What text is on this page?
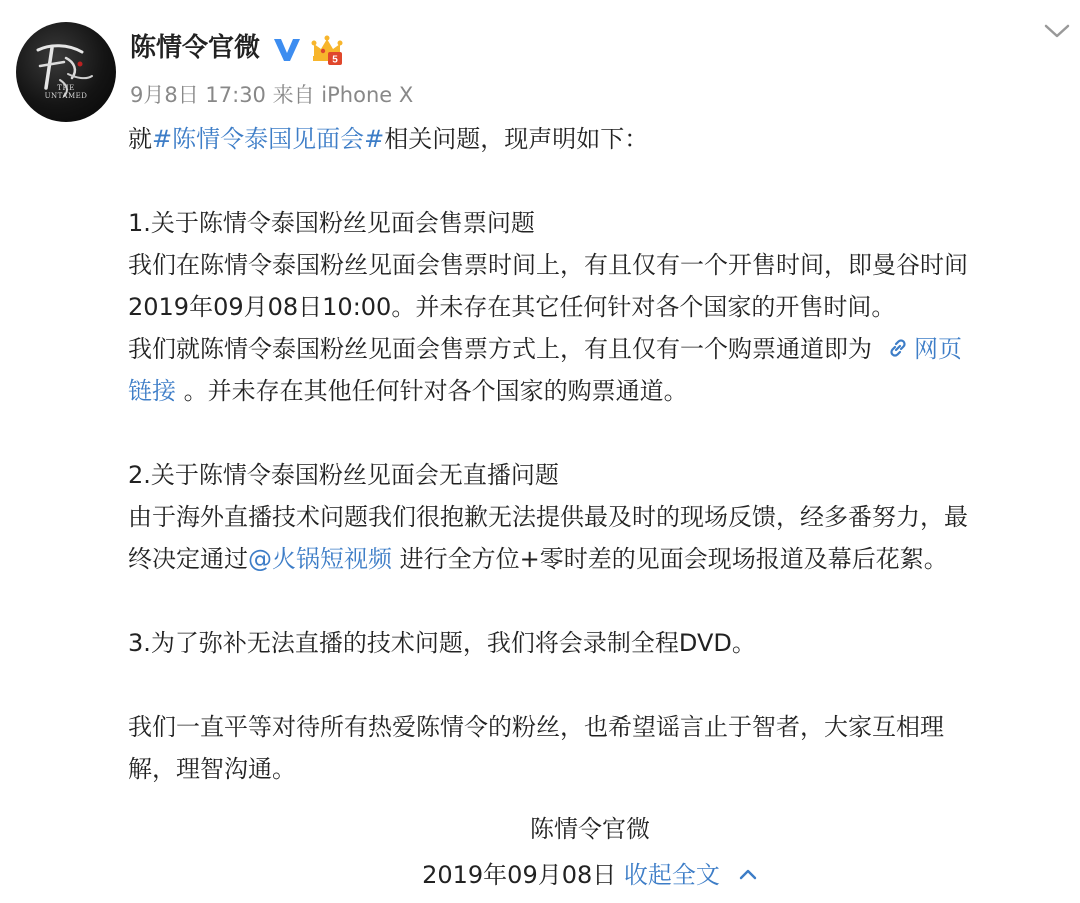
THE
UNTAMED
陈情令官微	5
9月8日 17:30 来自 iPhone X

就#陈情令泰国见面会#相关问题，现声明如下：

1.关于陈情令泰国粉丝见面会售票问题

我们在陈情令泰国粉丝见面会售票时间上，有且仅有一个开售时间，即曼谷时间

2019年09月08日10:00。并未存在其它任何针对各个国家的开售时间。

我们就陈情令泰国粉丝见面会售票方式上，有且仅有一个购票通道即为 网页

链接 。并未存在其他任何针对各个国家的购票通道。

2.关于陈情令泰国粉丝见面会无直播问题

由于海外直播技术问题我们很抱歉无法提供最及时的现场反馈，经多番努力，最

终决定通过@火锅短视频 进行全方位+零时差的见面会现场报道及幕后花絮。

3.为了弥补无法直播的技术问题，我们将会录制全程DVD。

我们一直平等对待所有热爱陈情令的粉丝，也希望谣言止于智者，大家互相理

解，理智沟通。

陈情令官微
2019年09月08日 收起全文
